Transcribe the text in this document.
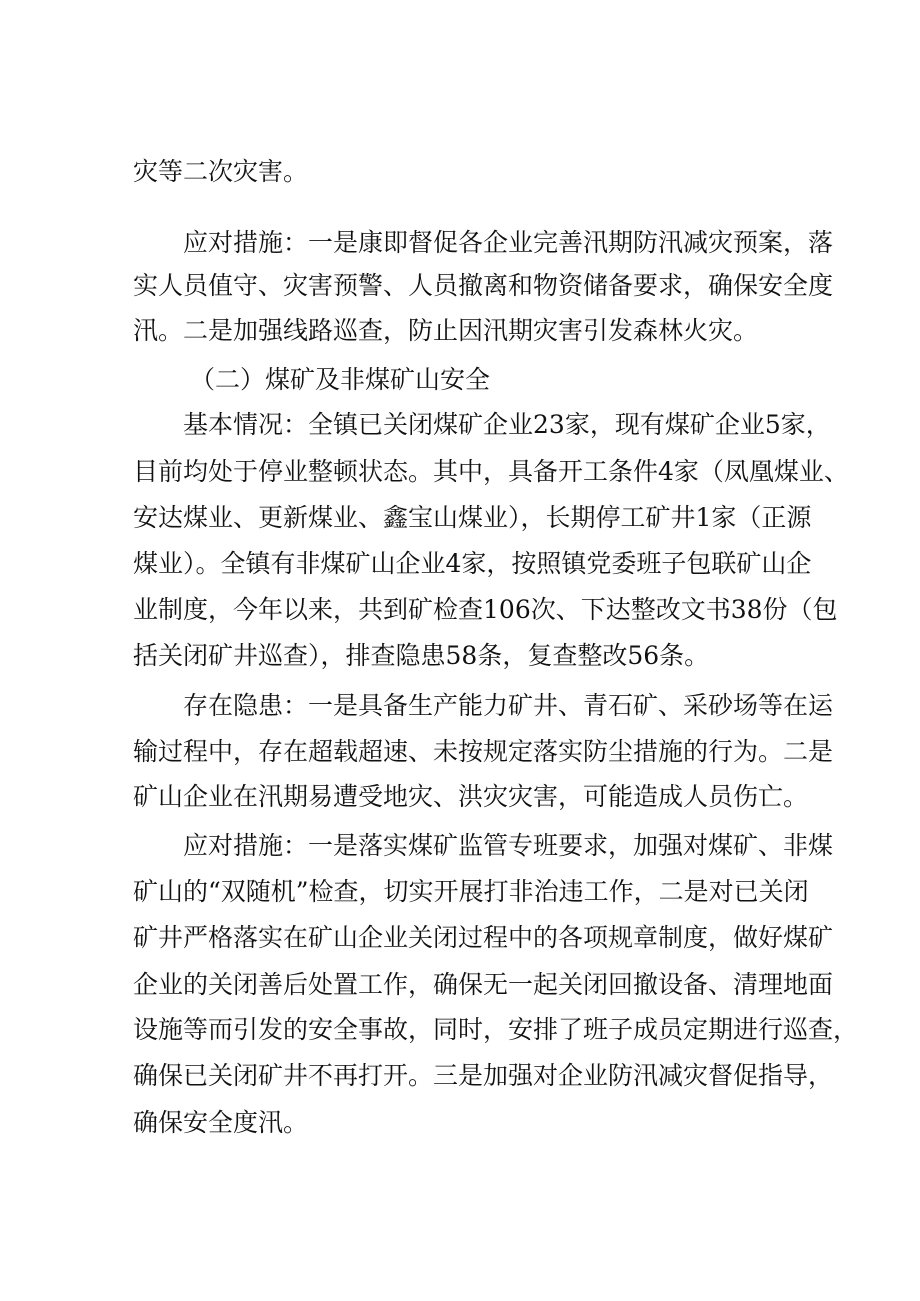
灾等二次灾害。

应对措施：一是康即督促各企业完善汛期防汛减灾预案，落

实人员值守、灾害预警、人员撤离和物资储备要求，确保安全度

汛。二是加强线路巡查，防止因汛期灾害引发森林火灾。

（二）煤矿及非煤矿山安全

基本情况：全镇已关闭煤矿企业23家，现有煤矿企业5家，

目前均处于停业整顿状态。其中，具备开工条件4家（凤凰煤业、

安达煤业、更新煤业、鑫宝山煤业），长期停工矿井1家（正源

煤业）。全镇有非煤矿山企业4家，按照镇党委班子包联矿山企

业制度，今年以来，共到矿检查106次、下达整改文书38份（包

括关闭矿井巡查），排查隐患58条，复查整改56条。

存在隐患：一是具备生产能力矿井、青石矿、采砂场等在运

输过程中，存在超载超速、未按规定落实防尘措施的行为。二是

矿山企业在汛期易遭受地灾、洪灾灾害，可能造成人员伤亡。

应对措施：一是落实煤矿监管专班要求，加强对煤矿、非煤

矿山的“双随机”检查，切实开展打非治违工作，二是对已关闭

矿井严格落实在矿山企业关闭过程中的各项规章制度，做好煤矿

企业的关闭善后处置工作，确保无一起关闭回撤设备、清理地面

设施等而引发的安全事故，同时，安排了班子成员定期进行巡查，

确保已关闭矿井不再打开。三是加强对企业防汛减灾督促指导，

确保安全度汛。
